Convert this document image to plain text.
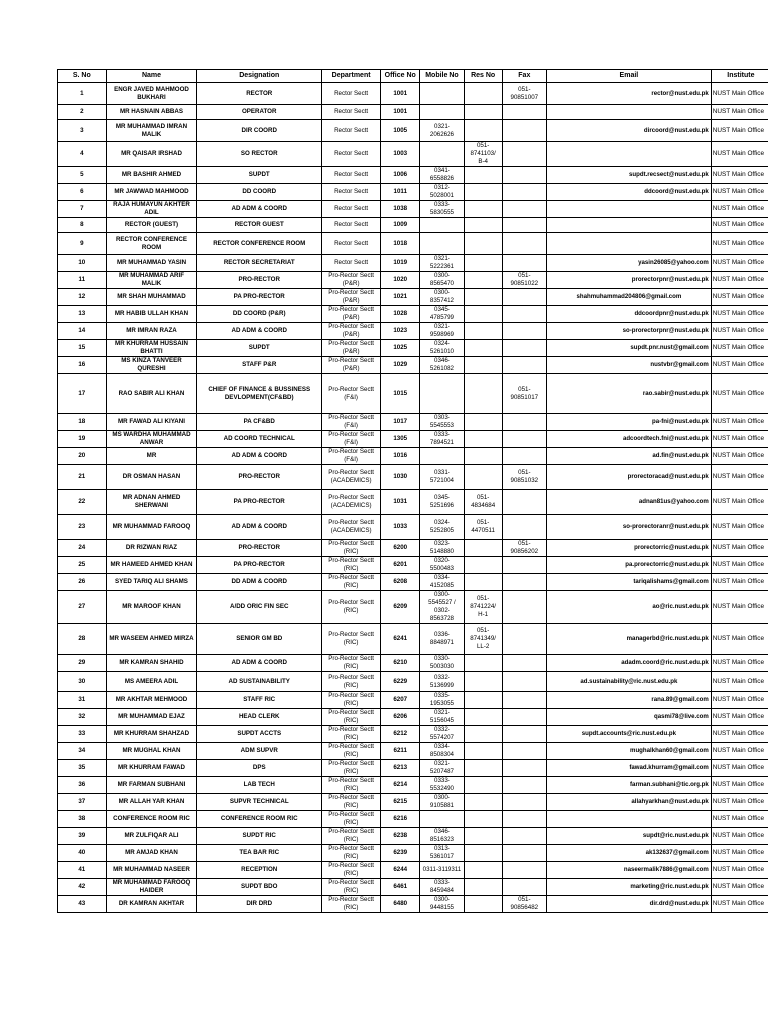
S. No	Name	Designation	Department	Office No	Mobile No	Res No	Fax	Email	Institute
1	ENGR JAVED MAHMOOD BUKHARI	RECTOR	Rector Sectt	1001			051-90851007	rector@nust.edu.pk	NUST Main Office
2	MR HASNAIN ABBAS	OPERATOR	Rector Sectt	1001					NUST Main Office
3	MR MUHAMMAD IMRAN MALIK	DIR COORD	Rector Sectt	1005	0321-2062626			dircoord@nust.edu.pk	NUST Main Office
4	MR QAISAR IRSHAD	SO RECTOR	Rector Sectt	1003		051-8741103/ B-4			NUST Main Office
5	MR BASHIR AHMED	SUPDT	Rector Sectt	1006	0341-6558826			supdt.recsect@nust.edu.pk	NUST Main Office
6	MR JAWWAD MAHMOOD	DD COORD	Rector Sectt	1011	0312-5028001			ddcoord@nust.edu.pk	NUST Main Office
7	RAJA HUMAYUN AKHTER ADIL	AD ADM & COORD	Rector Sectt	1038	0333-5830555				NUST Main Office
8	RECTOR (GUEST)	RECTOR GUEST	Rector Sectt	1009					NUST Main Office
9	RECTOR CONFERENCE ROOM	RECTOR CONFERENCE ROOM	Rector Sectt	1018					NUST Main Office
10	MR MUHAMMAD YASIN	RECTOR SECRETARIAT	Rector Sectt	1019	0321-5222361			yasin26085@yahoo.com	NUST Main Office
11	MR MUHAMMAD ARIF MALIK	PRO-RECTOR	Pro-Rector Sectt (P&R)	1020	0300-8565470		051-90851022	prorectorpnr@nust.edu.pk	NUST Main Office
12	MR SHAH MUHAMMAD	PA PRO-RECTOR	Pro-Rector Sectt (P&R)	1021	0300-8357412			shahmuhammad204806@gmail.com	NUST Main Office
13	MR HABIB ULLAH KHAN	DD COORD (P&R)	Pro-Rector Sectt (P&R)	1028	0345-4785799			ddcoordpnr@nust.edu.pk	NUST Main Office
14	MR IMRAN RAZA	AD ADM & COORD	Pro-Rector Sectt (P&R)	1023	0321-9598969			so-prorectorpnr@nust.edu.pk	NUST Main Office
15	MR KHURRAM HUSSAIN BHATTI	SUPDT	Pro-Rector Sectt (P&R)	1025	0324-5261010			supdt.pnr.nust@gmail.com	NUST Main Office
16	MS KINZA TANVEER QURESHI	STAFF P&R	Pro-Rector Sectt (P&R)	1029	0346-5261082			nustvbr@gmail.com	NUST Main Office
17	RAO SABIR ALI KHAN	CHIEF OF FINANCE & BUSSINESS DEVLOPMENT(CF&BD)	Pro-Rector Sectt (F&I)	1015			051-90851017	rao.sabir@nust.edu.pk	NUST Main Office
18	MR FAWAD ALI KIYANI	PA CF&BD	Pro-Rector Sectt (F&I)	1017	0303-5545553			pa-fni@nust.edu.pk	NUST Main Office
19	MS WARDHA MUHAMMAD ANWAR	AD COORD TECHNICAL	Pro-Rector Sectt (F&I)	1305	0333-7894521			adcoordtech.fni@nust.edu.pk	NUST Main Office
20	MR	AD ADM & COORD	Pro-Rector Sectt (F&I)	1016				ad.fin@nust.edu.pk	NUST Main Office
21	DR OSMAN HASAN	PRO-RECTOR	Pro-Rector Sectt (ACADEMICS)	1030	0331-5721004		051-90851032	prorectoracad@nust.edu.pk	NUST Main Office
22	MR ADNAN AHMED SHERWANI	PA PRO-RECTOR	Pro-Rector Sectt (ACADEMICS)	1031	0345-5251696	051-4834684		adnan81us@yahoo.com	NUST Main Office
23	MR MUHAMMAD FAROOQ	AD ADM & COORD	Pro-Rector Sectt (ACADEMICS)	1033	0324-5252805	051-4470511		so-prorectoranr@nust.edu.pk	NUST Main Office
24	DR RIZWAN RIAZ	PRO-RECTOR	Pro-Rector Sectt (RIC)	6200	0323-5148880		051-90856202	prorectorric@nust.edu.pk	NUST Main Office
25	MR HAMEED AHMED KHAN	PA PRO-RECTOR	Pro-Rector Sectt (RIC)	6201	0320-5500483			pa.prorectorric@nust.edu.pk	NUST Main Office
26	SYED TARIQ ALI SHAMS	DD ADM & COORD	Pro-Rector Sectt (RIC)	6208	0334-4152085			tariqalishams@gmail.com	NUST Main Office
27	MR MAROOF KHAN	A/DD ORIC FIN SEC	Pro-Rector Sectt (RIC)	6209	0300-5545527 / 0302-8563728	051-8741224/ H-1		ao@ric.nust.edu.pk	NUST Main Office
28	MR WASEEM AHMED MIRZA	SENIOR GM BD	Pro-Rector Sectt (RIC)	6241	0336-8848971	051-8741349/ LL-2		managerbd@ric.nust.edu.pk	NUST Main Office
29	MR KAMRAN SHAHID	AD ADM & COORD	Pro-Rector Sectt (RIC)	6210	0330-5003030			adadm.coord@ric.nust.edu.pk	NUST Main Office
30	MS AMEERA ADIL	AD SUSTAINABILITY	Pro-Rector Sectt (RIC)	6229	0332-5136999			ad.sustainability@ric.nust.edu.pk	NUST Main Office
31	MR AKHTAR MEHMOOD	STAFF RIC	Pro-Rector Sectt (RIC)	6207	0335-1953055			rana.89@gmail.com	NUST Main Office
32	MR MUHAMMAD EJAZ	HEAD CLERK	Pro-Rector Sectt (RIC)	6206	0321-5156045			qasmi78@live.com	NUST Main Office
33	MR KHURRAM SHAHZAD	SUPDT ACCTS	Pro-Rector Sectt (RIC)	6212	0332-5574207			supdt.accounts@ric.nust.edu.pk	NUST Main Office
34	MR MUGHAL KHAN	ADM SUPVR	Pro-Rector Sectt (RIC)	6211	0334-8508304			mughalkhan60@gmail.com	NUST Main Office
35	MR KHURRAM FAWAD	DPS	Pro-Rector Sectt (RIC)	6213	0321-5207487			fawad.khurram@gmail.com	NUST Main Office
36	MR FARMAN SUBHANI	LAB TECH	Pro-Rector Sectt (RIC)	6214	0333-5532490			farman.subhani@tic.org.pk	NUST Main Office
37	MR ALLAH YAR KHAN	SUPVR TECHNICAL	Pro-Rector Sectt (RIC)	6215	0300-9105881			allahyarkhan@nust.edu.pk	NUST Main Office
38	CONFERENCE ROOM RIC	CONFERENCE ROOM RIC	Pro-Rector Sectt (RIC)	6216					NUST Main Office
39	MR ZULFIQAR ALI	SUPDT RIC	Pro-Rector Sectt (RIC)	6238	0346-8516323			supdt@ric.nust.edu.pk	NUST Main Office
40	MR AMJAD KHAN	TEA BAR RIC	Pro-Rector Sectt (RIC)	6239	0313-5361017			ak132637@gmail.com	NUST Main Office
41	MR MUHAMMAD NASEER	RECEPTION	Pro-Rector Sectt (RIC)	6244	0311-3119311			naseermalik7886@gmail.com	NUST Main Office
42	MR MUHAMMAD FAROOQ HAIDER	SUPDT BDO	Pro-Rector Sectt (RIC)	6461	0333-8459484			marketing@ric.nust.edu.pk	NUST Main Office
43	DR KAMRAN AKHTAR	DIR DRD	Pro-Rector Sectt (RIC)	6480	0300-9448155		051-90856482	dir.drd@nust.edu.pk	NUST Main Office
